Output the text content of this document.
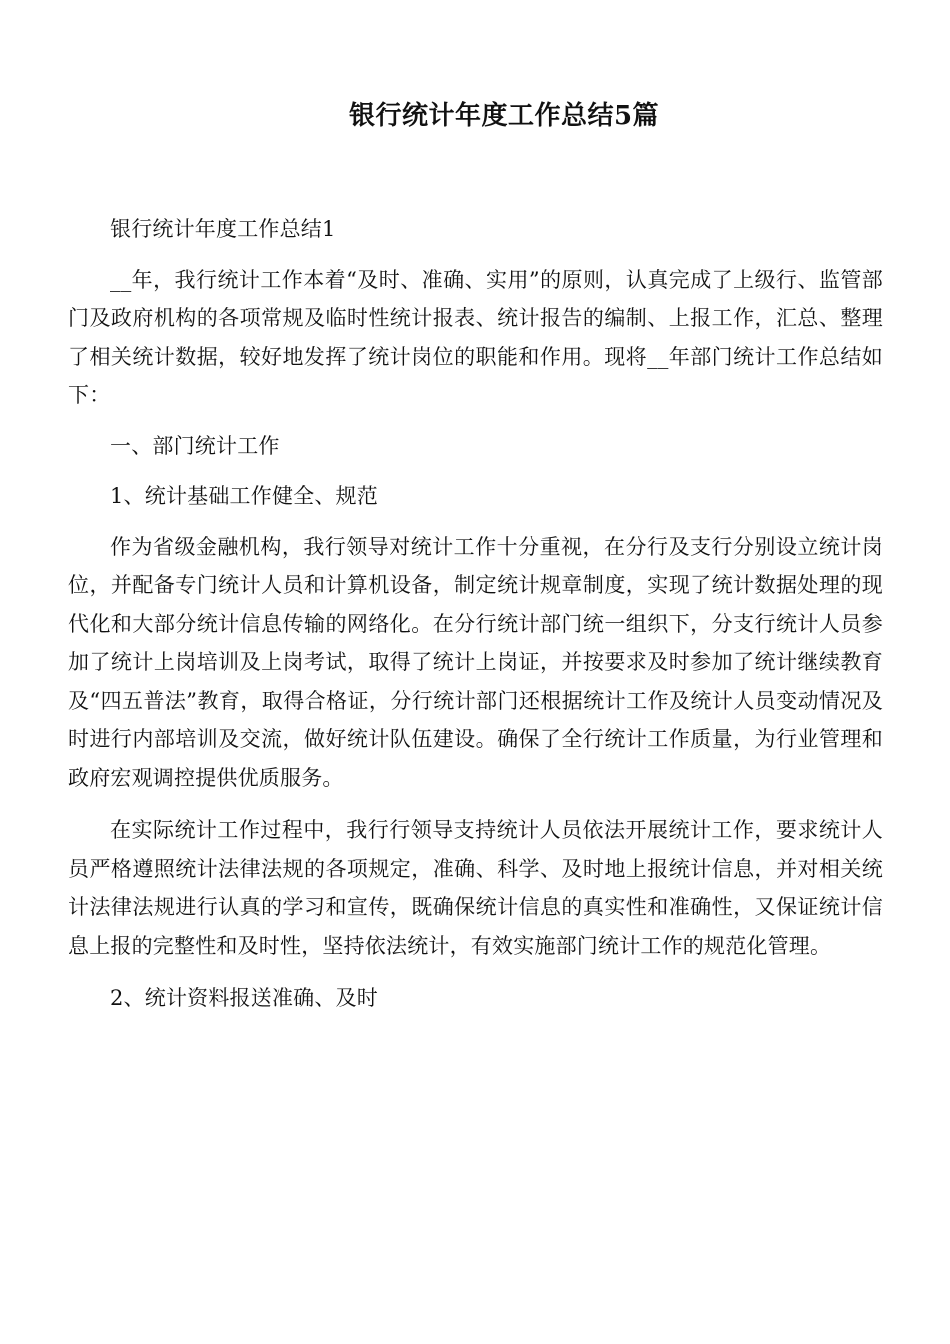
银行统计年度工作总结5篇

银行统计年度工作总结1

__年，我行统计工作本着“及时、准确、实用”的原则，认真完成了上级行、监管部门及政府机构的各项常规及临时性统计报表、统计报告的编制、上报工作，汇总、整理了相关统计数据，较好地发挥了统计岗位的职能和作用。现将__年部门统计工作总结如下：

一、部门统计工作

1、统计基础工作健全、规范

作为省级金融机构，我行领导对统计工作十分重视，在分行及支行分别设立统计岗位，并配备专门统计人员和计算机设备，制定统计规章制度，实现了统计数据处理的现代化和大部分统计信息传输的网络化。在分行统计部门统一组织下，分支行统计人员参加了统计上岗培训及上岗考试，取得了统计上岗证，并按要求及时参加了统计继续教育及“四五普法”教育，取得合格证，分行统计部门还根据统计工作及统计人员变动情况及时进行内部培训及交流，做好统计队伍建设。确保了全行统计工作质量，为行业管理和政府宏观调控提供优质服务。

在实际统计工作过程中，我行行领导支持统计人员依法开展统计工作，要求统计人员严格遵照统计法律法规的各项规定，准确、科学、及时地上报统计信息，并对相关统计法律法规进行认真的学习和宣传，既确保统计信息的真实性和准确性，又保证统计信息上报的完整性和及时性，坚持依法统计，有效实施部门统计工作的规范化管理。

2、统计资料报送准确、及时
